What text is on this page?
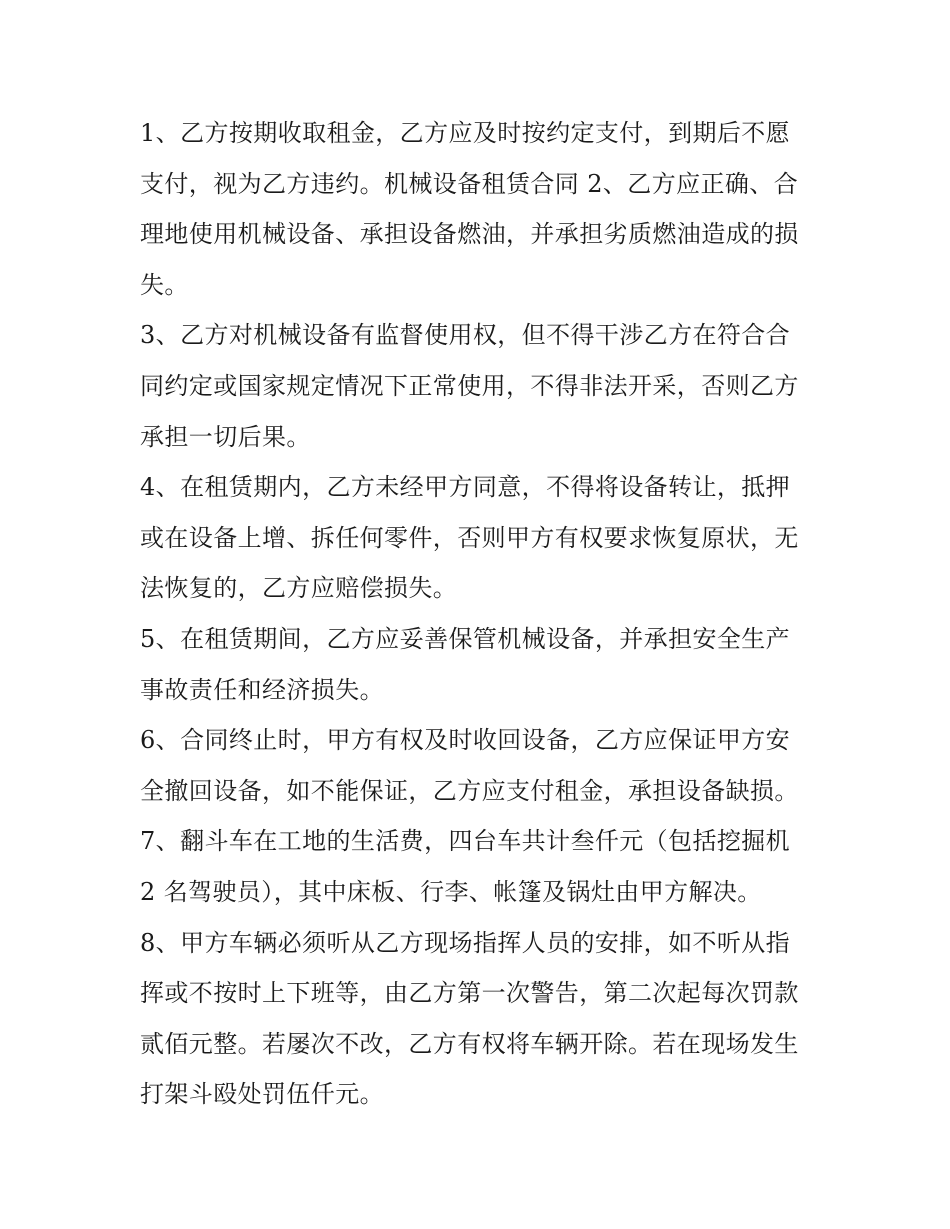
1、乙方按期收取租金，乙方应及时按约定支付，到期后不愿
支付，视为乙方违约。机械设备租赁合同 2、乙方应正确、合
理地使用机械设备、承担设备燃油，并承担劣质燃油造成的损
失。
3、乙方对机械设备有监督使用权，但不得干涉乙方在符合合
同约定或国家规定情况下正常使用，不得非法开采，否则乙方
承担一切后果。
4、在租赁期内，乙方未经甲方同意，不得将设备转让，抵押
或在设备上增、拆任何零件，否则甲方有权要求恢复原状，无
法恢复的，乙方应赔偿损失。
5、在租赁期间，乙方应妥善保管机械设备，并承担安全生产
事故责任和经济损失。
6、合同终止时，甲方有权及时收回设备，乙方应保证甲方安
全撤回设备，如不能保证，乙方应支付租金，承担设备缺损。
7、翻斗车在工地的生活费，四台车共计叁仟元（包括挖掘机
2 名驾驶员），其中床板、行李、帐篷及锅灶由甲方解决。
8、甲方车辆必须听从乙方现场指挥人员的安排，如不听从指
挥或不按时上下班等，由乙方第一次警告，第二次起每次罚款
贰佰元整。若屡次不改，乙方有权将车辆开除。若在现场发生
打架斗殴处罚伍仟元。
